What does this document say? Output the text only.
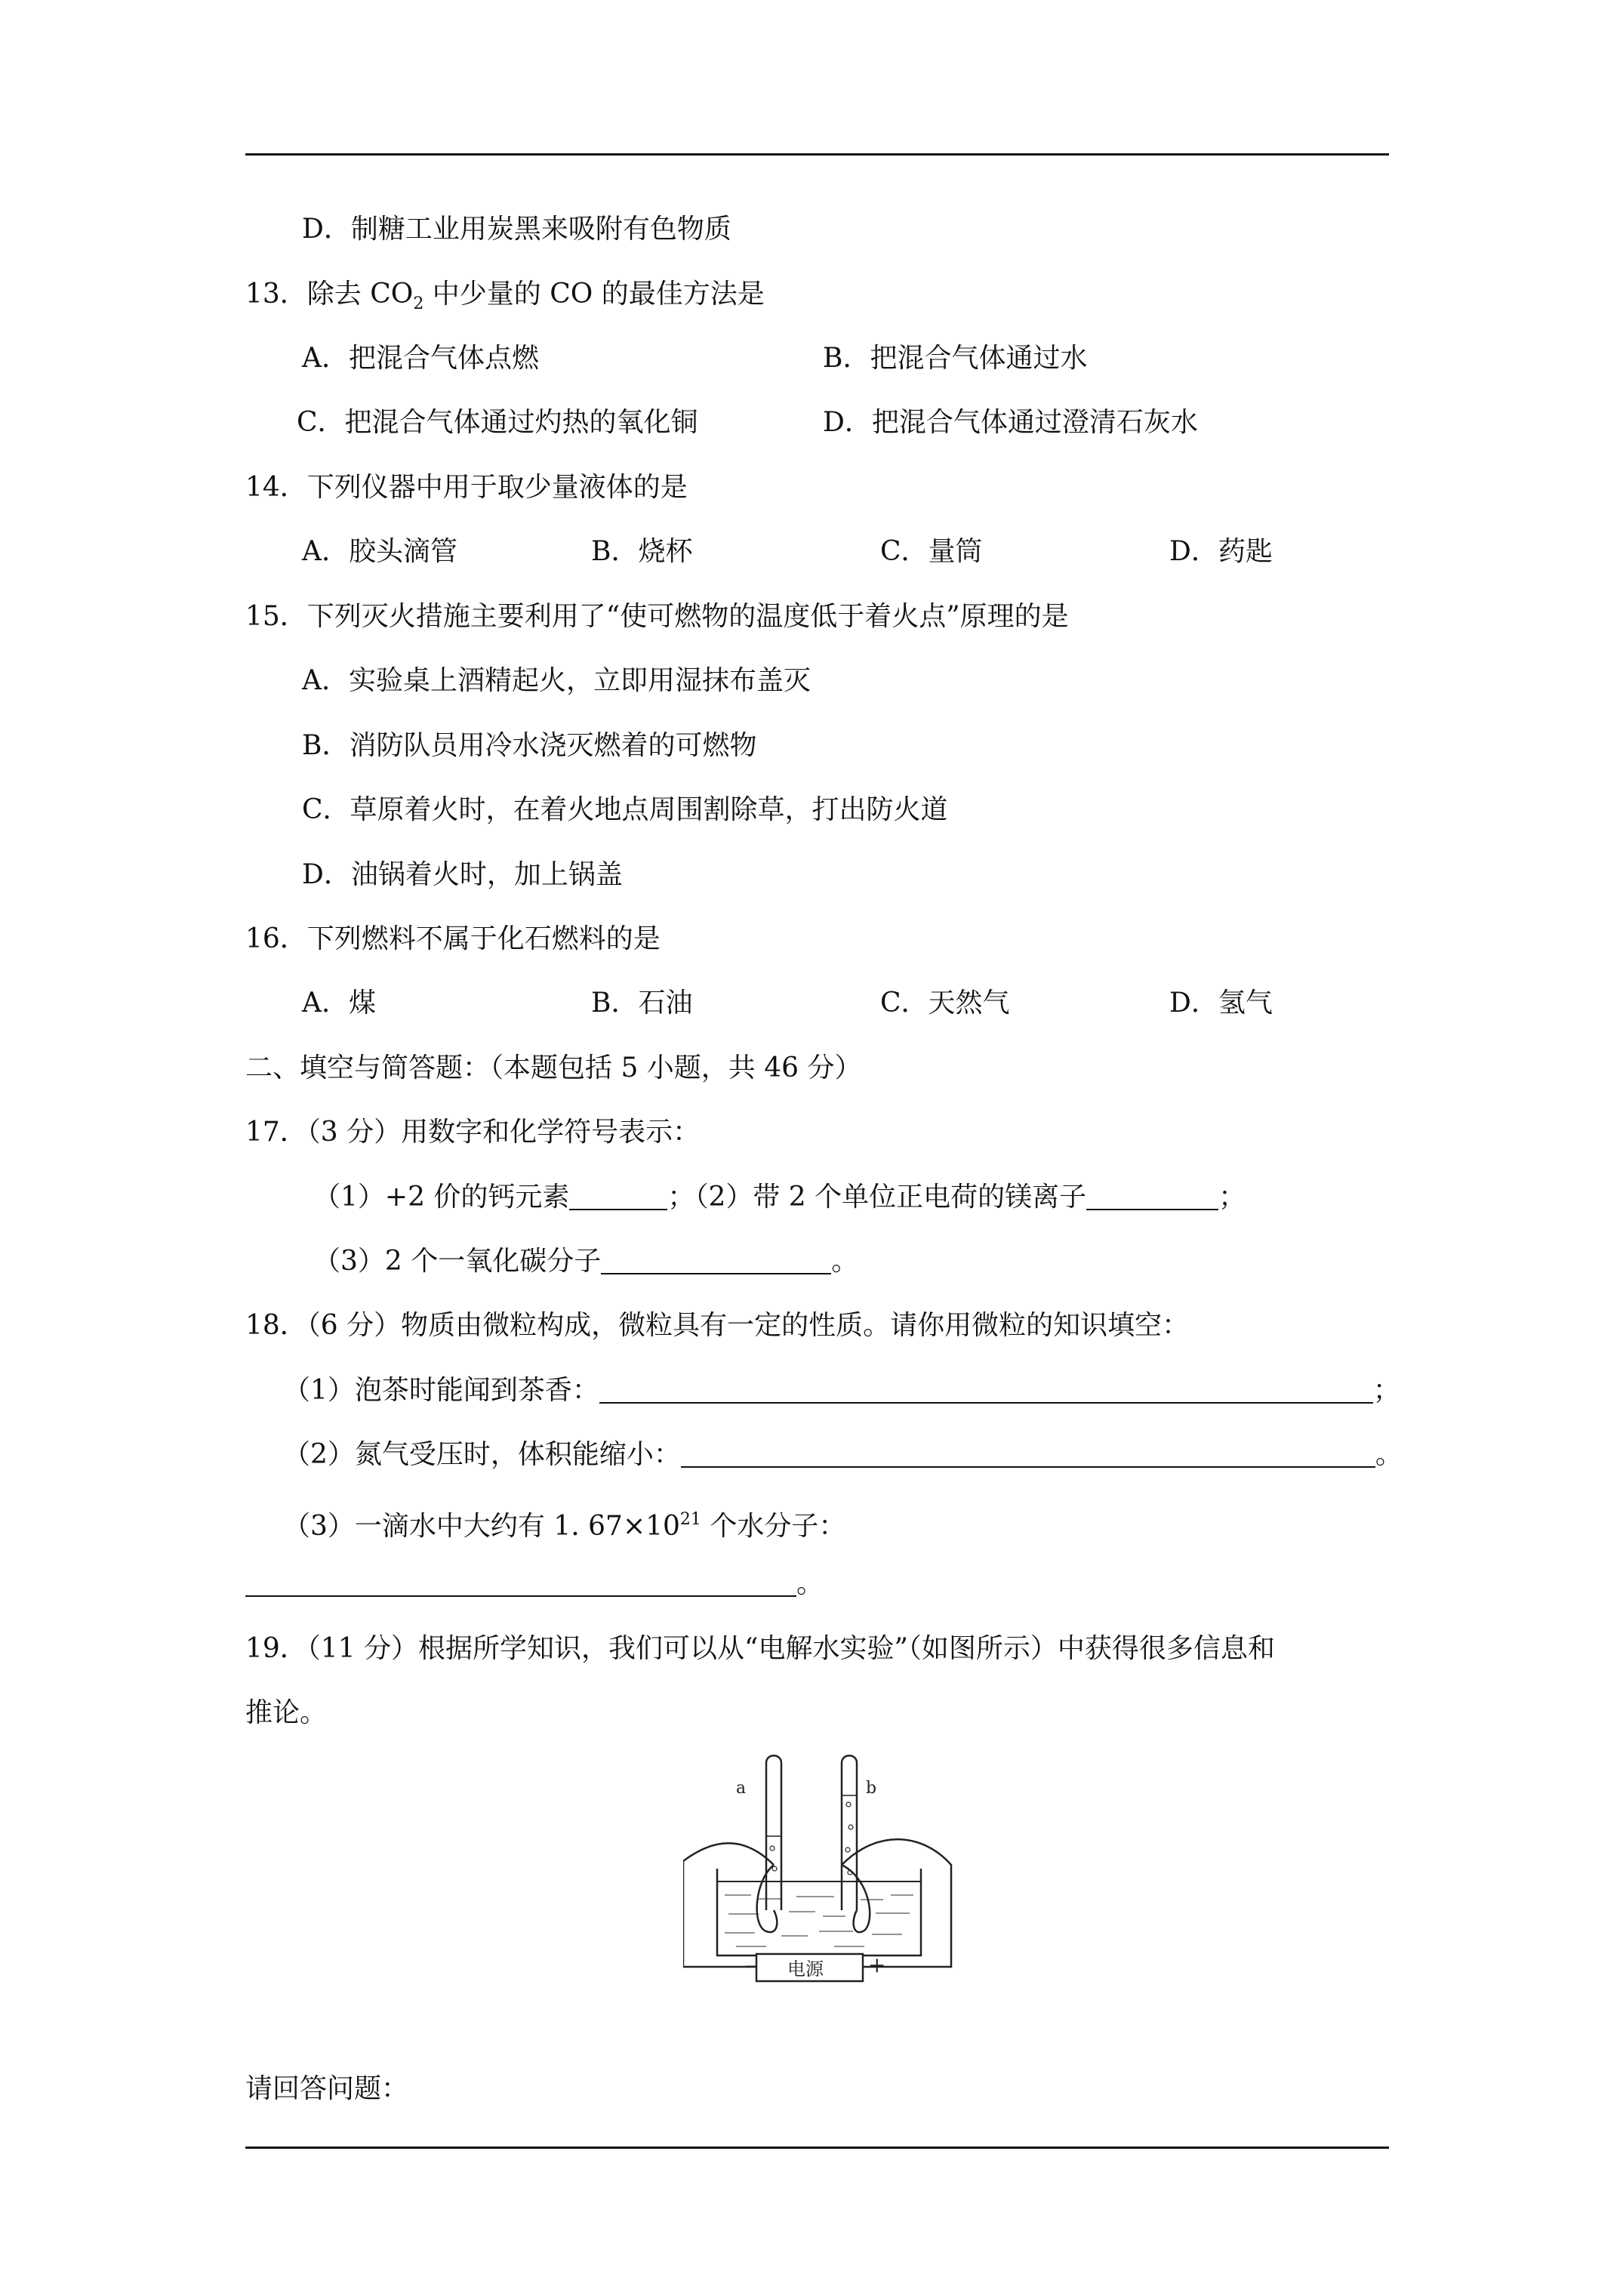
D．制糖工业用炭黑来吸附有色物质
13．除去 $CO_2$ 中少量的 CO 的最佳方法是
A．把混合气体点燃	B．把混合气体通过水
C．把混合气体通过灼热的氧化铜	D．把混合气体通过澄清石灰水
14．下列仪器中用于取少量液体的是
A．胶头滴管	B．烧杯	C．量筒	D．药匙
15．下列灭火措施主要利用了“使可燃物的温度低于着火点”原理的是
A．实验桌上酒精起火，立即用湿抹布盖灭
B．消防队员用冷水浇灭燃着的可燃物
C．草原着火时，在着火地点周围割除草，打出防火道
D．油锅着火时，加上锅盖
16．下列燃料不属于化石燃料的是
A．煤	B．石油	C．天然气	D．氢气
二、填空与简答题：（本题包括 5 小题，共 46 分）
17．（3 分）用数字和化学符号表示：
（1）+2 价的钙元素	；（2）带 2 个单位正电荷的镁离子	；
（3）2 个一氧化碳分子	。
18．（6 分）物质由微粒构成，微粒具有一定的性质。请你用微粒的知识填空：
（1）泡茶时能闻到茶香：	；
（2）氮气受压时，体积能缩小：	。
（3）一滴水中大约有 1. $67\times 10^{21}$ 个水分子：
。
19．（11 分）根据所学知识，我们可以从“电解水实验”（如图所示）中获得很多信息和
推论。
a	b
电源
−	+
请回答问题：
